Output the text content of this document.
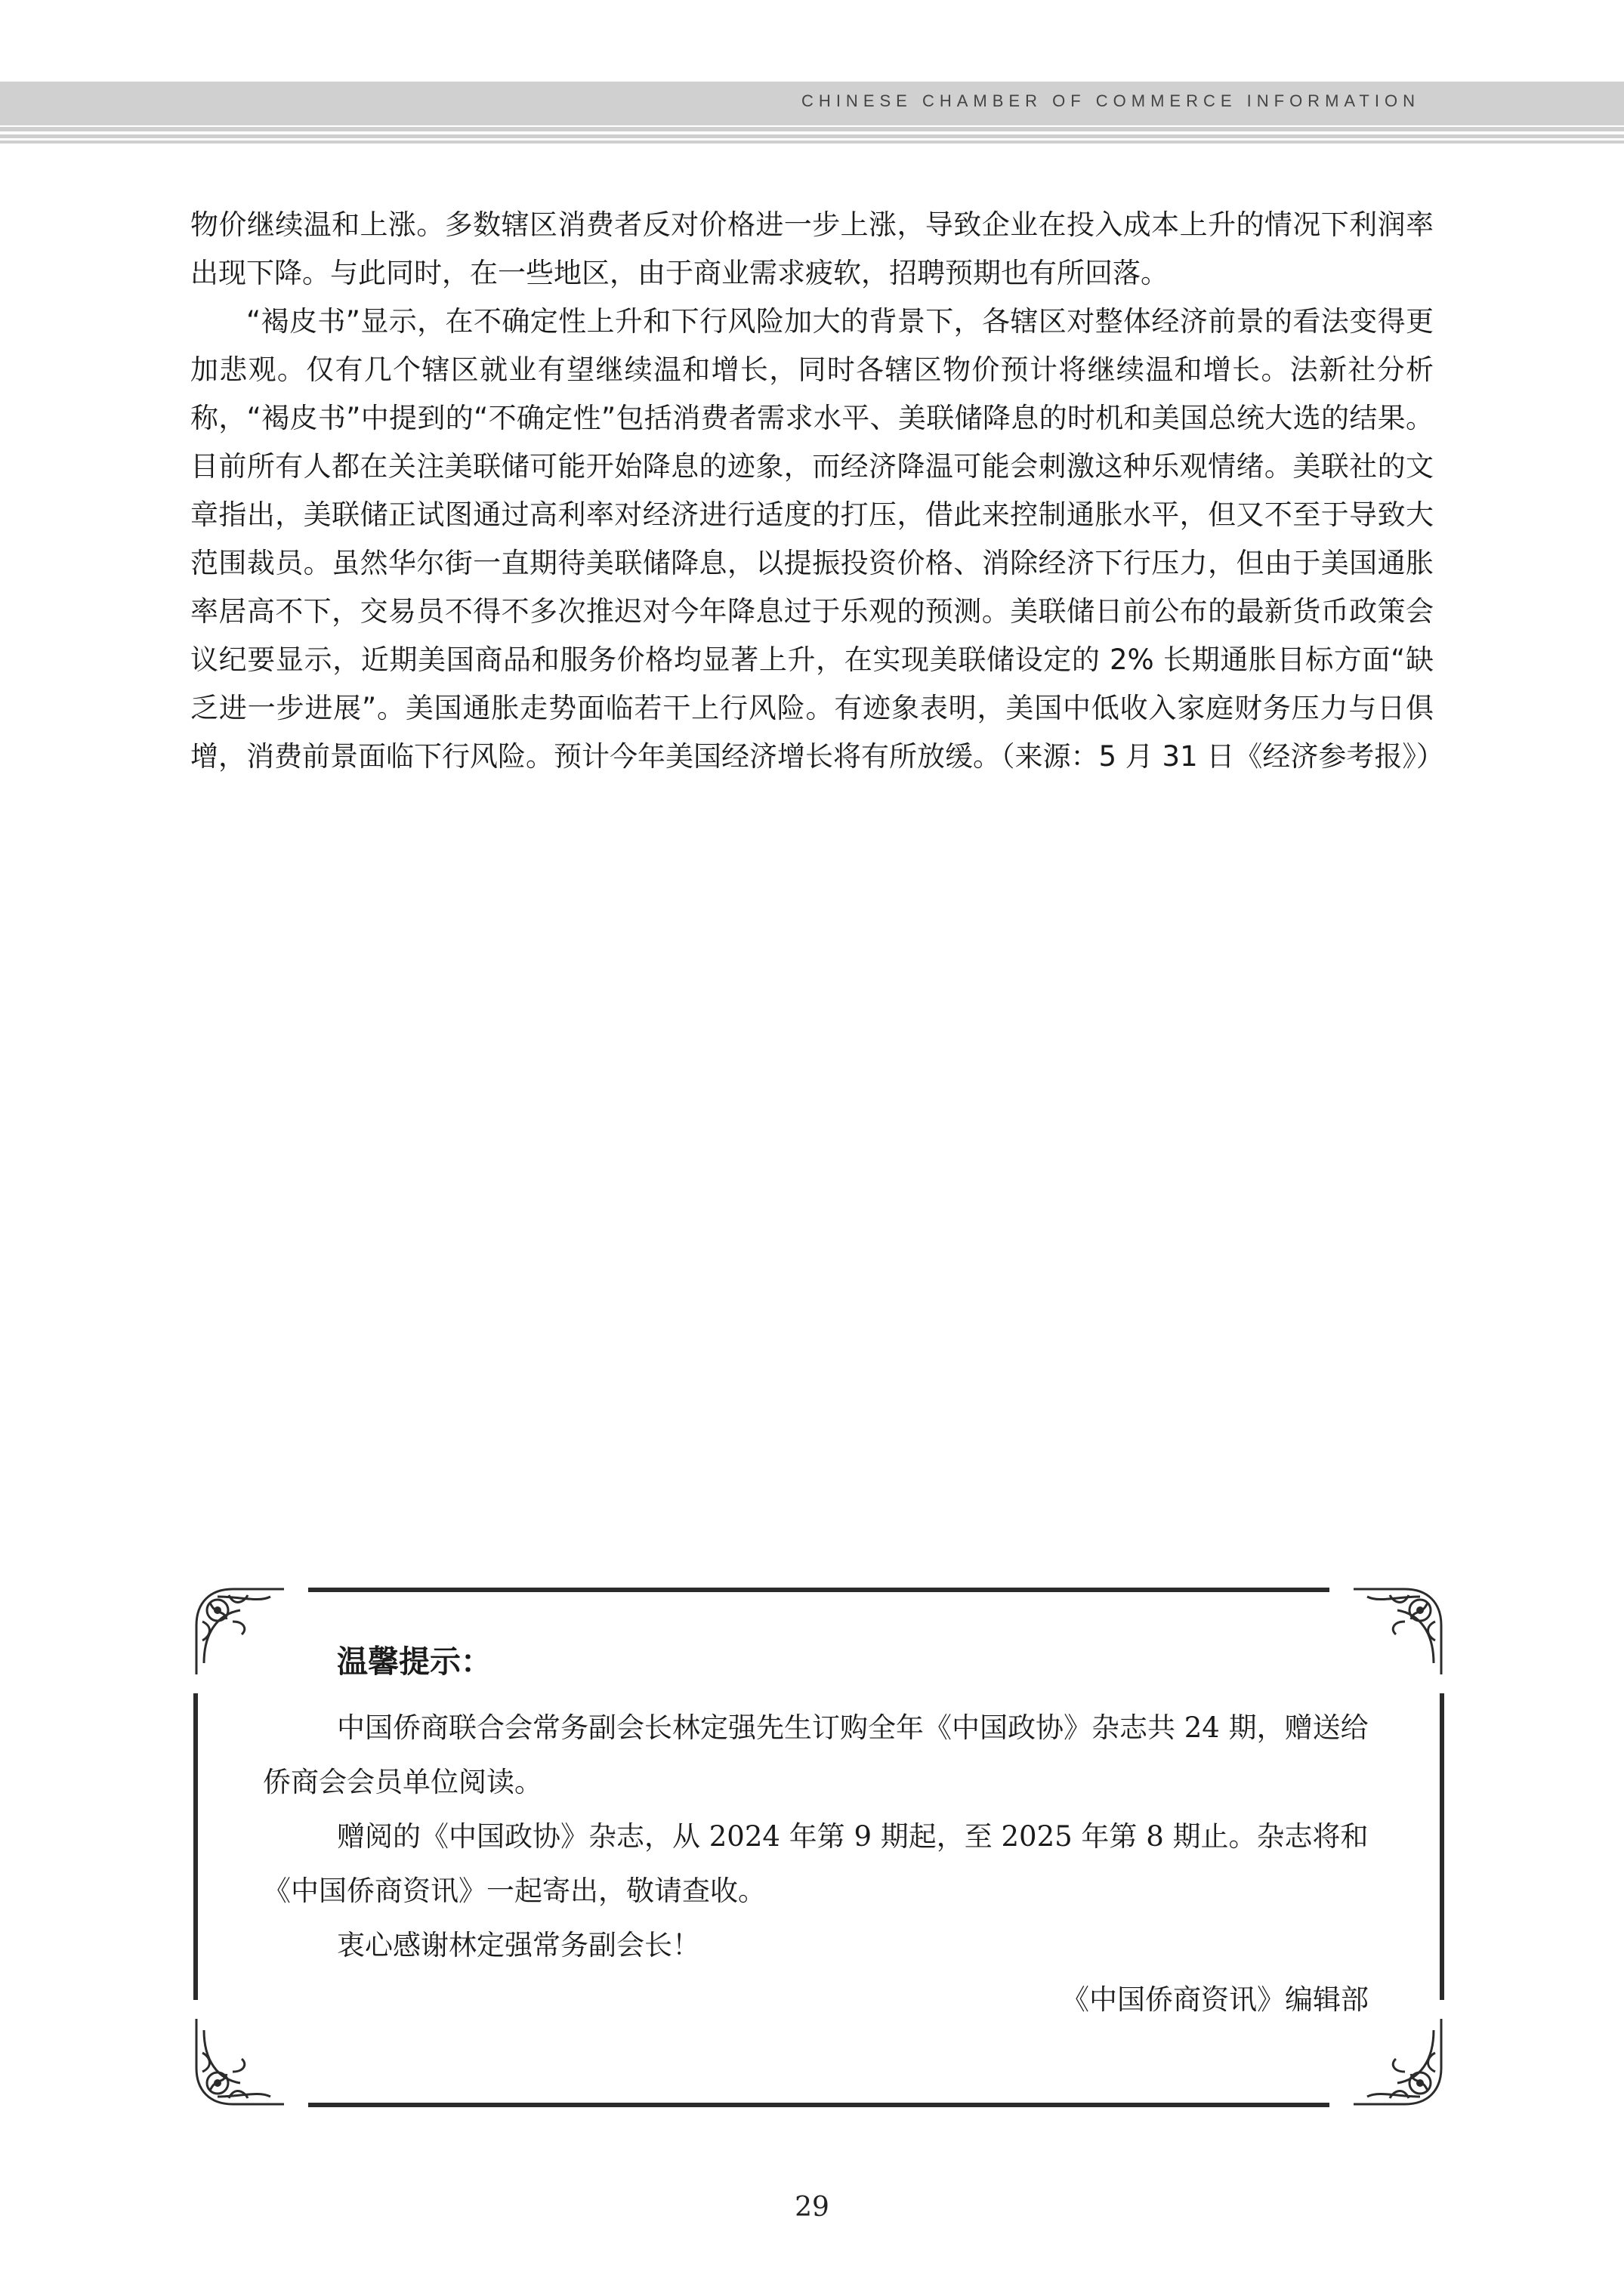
CHINESE CHAMBER OF COMMERCE INFORMATION

物价继续温和上涨。多数辖区消费者反对价格进一步上涨，导致企业在投入成本上升的情况下利润率出现下降。与此同时，在一些地区，由于商业需求疲软，招聘预期也有所回落。

“褐皮书”显示，在不确定性上升和下行风险加大的背景下，各辖区对整体经济前景的看法变得更加悲观。仅有几个辖区就业有望继续温和增长，同时各辖区物价预计将继续温和增长。法新社分析称，“褐皮书”中提到的“不确定性”包括消费者需求水平、美联储降息的时机和美国总统大选的结果。目前所有人都在关注美联储可能开始降息的迹象，而经济降温可能会刺激这种乐观情绪。美联社的文章指出，美联储正试图通过高利率对经济进行适度的打压，借此来控制通胀水平，但又不至于导致大范围裁员。虽然华尔街一直期待美联储降息，以提振投资价格、消除经济下行压力，但由于美国通胀率居高不下，交易员不得不多次推迟对今年降息过于乐观的预测。美联储日前公布的最新货币政策会议纪要显示，近期美国商品和服务价格均显著上升，在实现美联储设定的 2% 长期通胀目标方面“缺乏进一步进展”。美国通胀走势面临若干上行风险。有迹象表明，美国中低收入家庭财务压力与日俱增，消费前景面临下行风险。预计今年美国经济增长将有所放缓。（来源：5 月 31 日《经济参考报》）

温馨提示：

中国侨商联合会常务副会长林定强先生订购全年《中国政协》杂志共 24 期，赠送给侨商会会员单位阅读。

赠阅的《中国政协》杂志，从 2024 年第 9 期起，至 2025 年第 8 期止。杂志将和《中国侨商资讯》一起寄出，敬请查收。

衷心感谢林定强常务副会长！

《中国侨商资讯》编辑部

29
